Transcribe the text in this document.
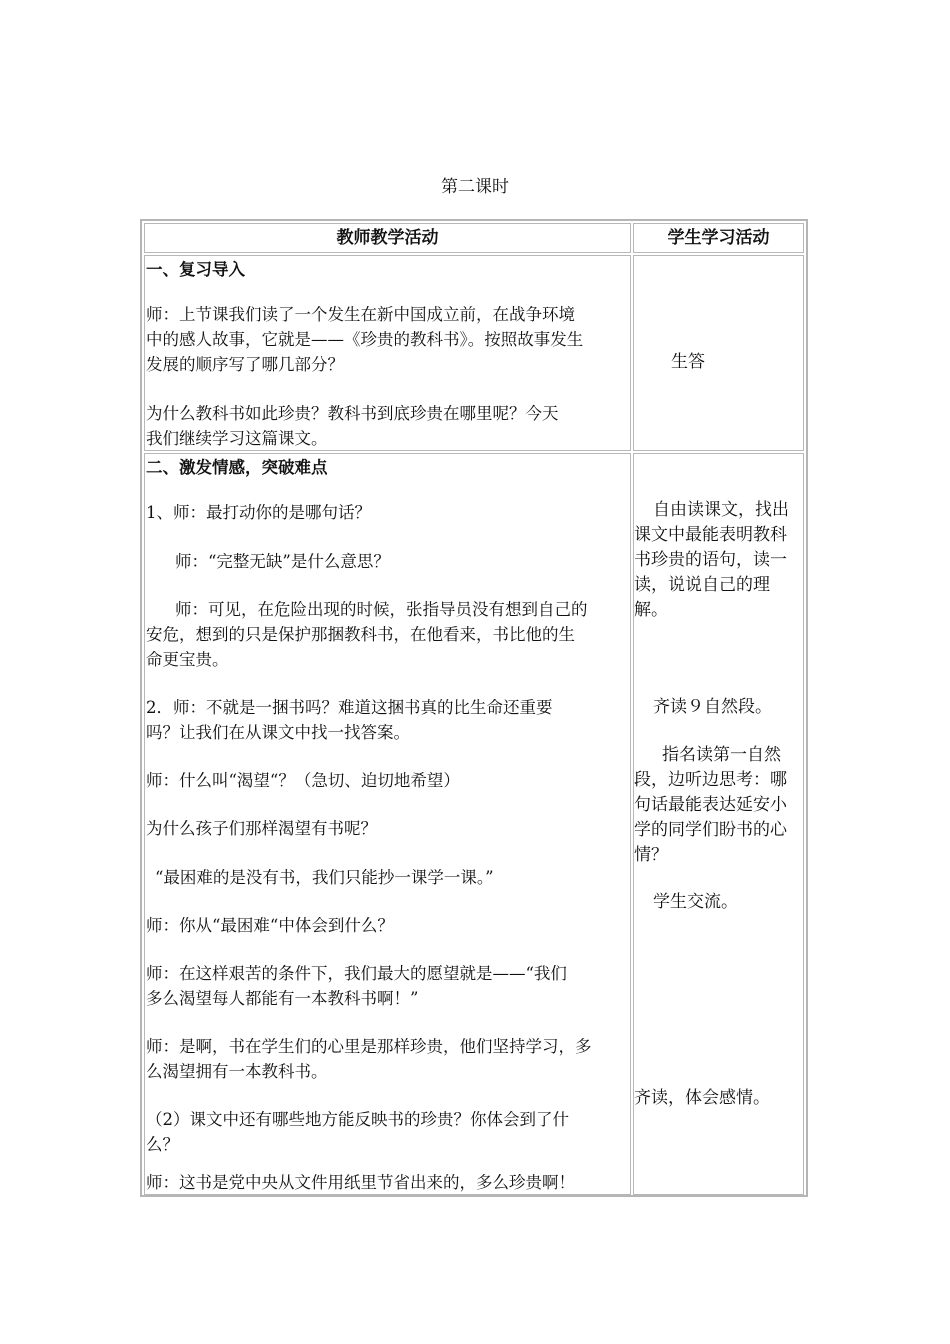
第二课时
教师教学活动	学生学习活动
一、复习导入
师：上节课我们读了一个发生在新中国成立前，在战争环境
中的感人故事，它就是——《珍贵的教科书》。按照故事发生
发展的顺序写了哪几部分？
为什么教科书如此珍贵？教科书到底珍贵在哪里呢？今天
我们继续学习这篇课文。
生答
二、激发情感，突破难点
1、师：最打动你的是哪句话？
师：“完整无缺”是什么意思？
师：可见，在危险出现的时候，张指导员没有想到自己的
安危，想到的只是保护那捆教科书，在他看来，书比他的生
命更宝贵。
2．师：不就是一捆书吗？难道这捆书真的比生命还重要
吗？让我们在从课文中找一找答案。
师：什么叫“渴望“？（急切、迫切地希望）
为什么孩子们那样渴望有书呢？
“最困难的是没有书，我们只能抄一课学一课。”
师：你从“最困难“中体会到什么？
师：在这样艰苦的条件下，我们最大的愿望就是——“我们
多么渴望每人都能有一本教科书啊！”
师：是啊，书在学生们的心里是那样珍贵，他们坚持学习，多
么渴望拥有一本教科书。
（2）课文中还有哪些地方能反映书的珍贵？你体会到了什
么？
师：这书是党中央从文件用纸里节省出来的，多么珍贵啊！
自由读课文，找出
课文中最能表明教科
书珍贵的语句，读一
读，说说自己的理
解。
齐读９自然段。
指名读第一自然
段，边听边思考：哪
句话最能表达延安小
学的同学们盼书的心
情？
学生交流。
齐读，体会感情。
